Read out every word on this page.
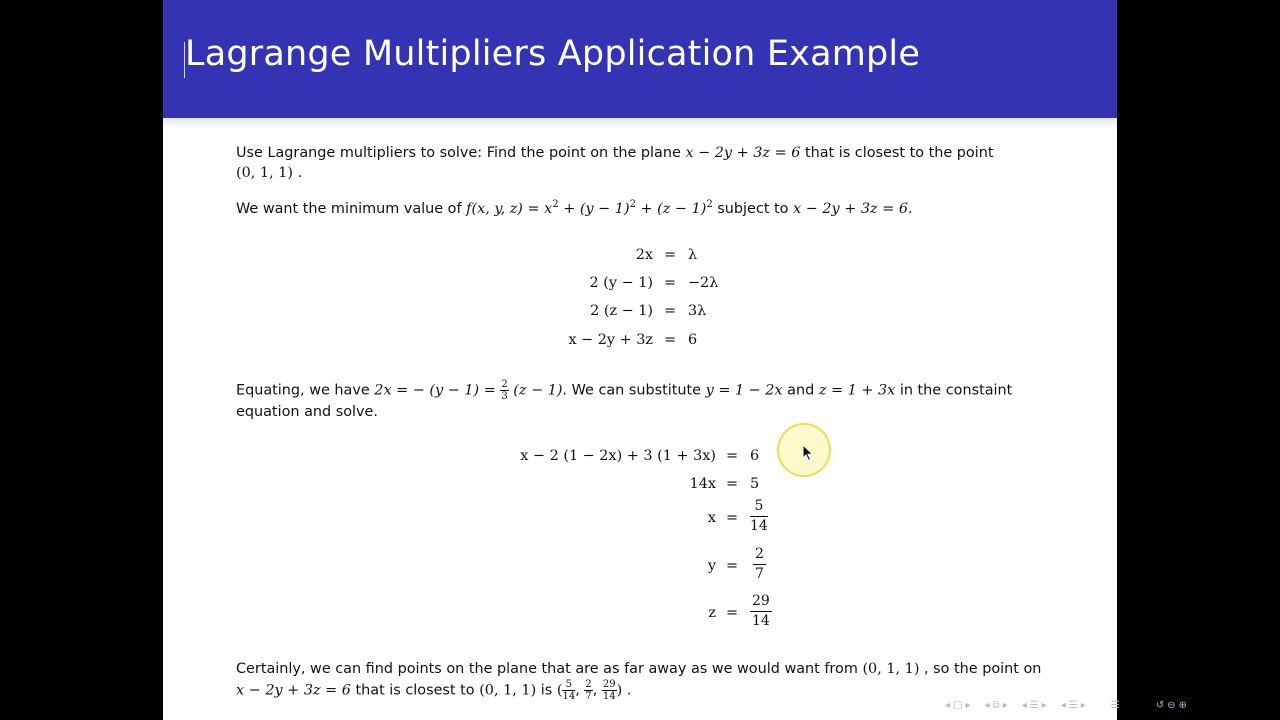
Lagrange Multipliers Application Example
Use Lagrange multipliers to solve: Find the point on the plane x − 2y + 3z = 6 that is closest to the point
(0, 1, 1) .
We want the minimum value of f(x, y, $z) = x^2 + (y - 1)^2 + (z - 1)^2$ subject to x − 2y + 3z = 6.
2x = λ
2 (y − 1) = −2λ
2 (z − 1) = 3λ
x − 2y + 3z = 6
Equating, we have 2x = − $(y - 1) = \frac{2}{3} (z - 1)$. We can substitute y = 1 − 2x and z = 1 + 3x in the constaint
equation and solve.
x − 2 (1 − 2x) + 3 (1 + 3x) = 6
14x = 5
$x = \frac{5}{14}$
$y = \frac{2}{7}$
$z = \frac{29}{14}$
Certainly, we can find points on the plane that are as far away as we would want from (0, 1, 1) , so the point on
x − 2y + 3z = 6 that is closest to (0, 1, 1) is ( $\frac{5}{14}$ , $\frac{2}{7}$ , $\frac{29}{14}$ ) .
◂ □ ▸ ◂ ⧉ ▸ ◂ ☰ ▸ ◂ ☰ ▸	☰	↺ ⊖ ⊕
